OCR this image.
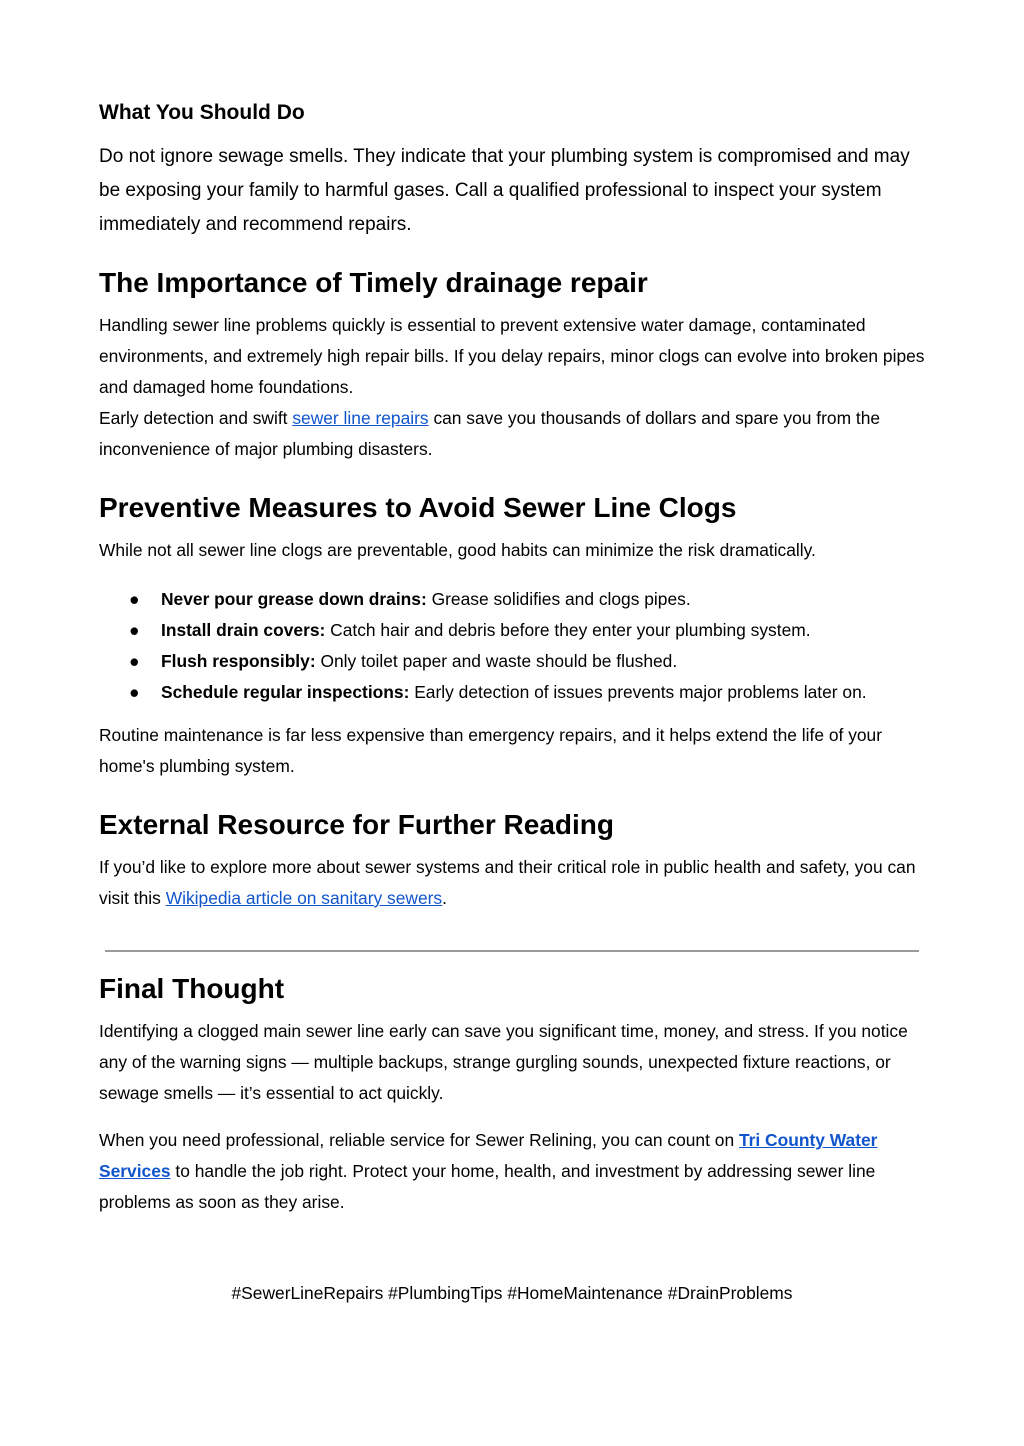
What You Should Do
Do not ignore sewage smells. They indicate that your plumbing system is compromised and may be exposing your family to harmful gases. Call a qualified professional to inspect your system immediately and recommend repairs.
The Importance of Timely drainage repair

Handling sewer line problems quickly is essential to prevent extensive water damage, contaminated environments, and extremely high repair bills. If you delay repairs, minor clogs can evolve into broken pipes and damaged home foundations.

Early detection and swift sewer line repairs can save you thousands of dollars and spare you from the inconvenience of major plumbing disasters.

Preventive Measures to Avoid Sewer Line Clogs

While not all sewer line clogs are preventable, good habits can minimize the risk dramatically.

● Never pour grease down drains: Grease solidifies and clogs pipes.
● Install drain covers: Catch hair and debris before they enter your plumbing system.
● Flush responsibly: Only toilet paper and waste should be flushed.
● Schedule regular inspections: Early detection of issues prevents major problems later on.

Routine maintenance is far less expensive than emergency repairs, and it helps extend the life of your home's plumbing system.

External Resource for Further Reading

If you’d like to explore more about sewer systems and their critical role in public health and safety, you can visit this Wikipedia article on sanitary sewers.

Final Thought

Identifying a clogged main sewer line early can save you significant time, money, and stress. If you notice any of the warning signs — multiple backups, strange gurgling sounds, unexpected fixture reactions, or sewage smells — it’s essential to act quickly.

When you need professional, reliable service for Sewer Relining, you can count on Tri County Water Services to handle the job right. Protect your home, health, and investment by addressing sewer line problems as soon as they arise.

#SewerLineRepairs #PlumbingTips #HomeMaintenance #DrainProblems
